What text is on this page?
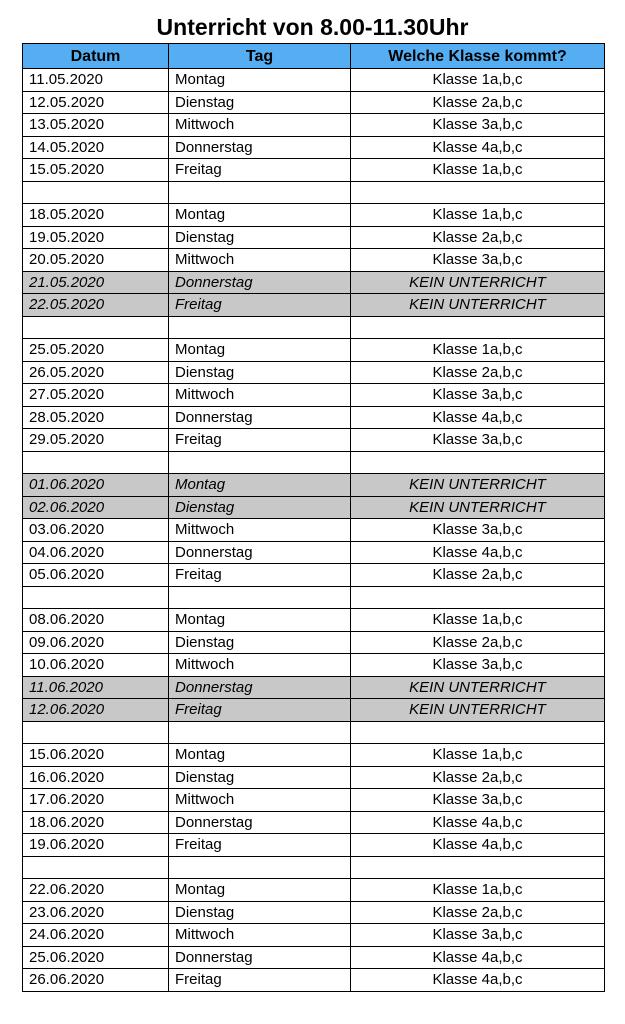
Unterricht von 8.00-11.30Uhr
Datum	Tag	Welche Klasse kommt?
11.05.2020	Montag	Klasse 1a,b,c
12.05.2020	Dienstag	Klasse 2a,b,c
13.05.2020	Mittwoch	Klasse 3a,b,c
14.05.2020	Donnerstag	Klasse 4a,b,c
15.05.2020	Freitag	Klasse 1a,b,c

18.05.2020	Montag	Klasse 1a,b,c
19.05.2020	Dienstag	Klasse 2a,b,c
20.05.2020	Mittwoch	Klasse 3a,b,c
21.05.2020	Donnerstag	KEIN UNTERRICHT
22.05.2020	Freitag	KEIN UNTERRICHT

25.05.2020	Montag	Klasse 1a,b,c
26.05.2020	Dienstag	Klasse 2a,b,c
27.05.2020	Mittwoch	Klasse 3a,b,c
28.05.2020	Donnerstag	Klasse 4a,b,c
29.05.2020	Freitag	Klasse 3a,b,c

01.06.2020	Montag	KEIN UNTERRICHT
02.06.2020	Dienstag	KEIN UNTERRICHT
03.06.2020	Mittwoch	Klasse 3a,b,c
04.06.2020	Donnerstag	Klasse 4a,b,c
05.06.2020	Freitag	Klasse 2a,b,c

08.06.2020	Montag	Klasse 1a,b,c
09.06.2020	Dienstag	Klasse 2a,b,c
10.06.2020	Mittwoch	Klasse 3a,b,c
11.06.2020	Donnerstag	KEIN UNTERRICHT
12.06.2020	Freitag	KEIN UNTERRICHT

15.06.2020	Montag	Klasse 1a,b,c
16.06.2020	Dienstag	Klasse 2a,b,c
17.06.2020	Mittwoch	Klasse 3a,b,c
18.06.2020	Donnerstag	Klasse 4a,b,c
19.06.2020	Freitag	Klasse 4a,b,c

22.06.2020	Montag	Klasse 1a,b,c
23.06.2020	Dienstag	Klasse 2a,b,c
24.06.2020	Mittwoch	Klasse 3a,b,c
25.06.2020	Donnerstag	Klasse 4a,b,c
26.06.2020	Freitag	Klasse 4a,b,c
